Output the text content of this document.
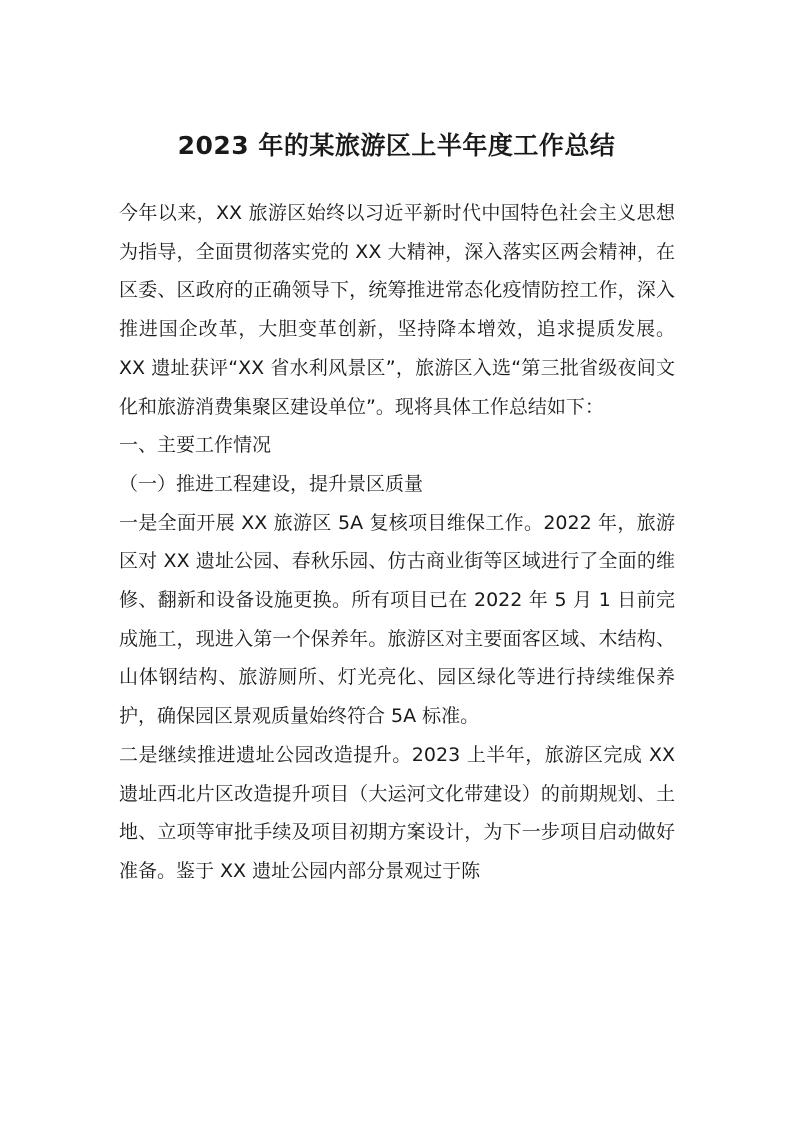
2023 年的某旅游区上半年度工作总结

今年以来，XX 旅游区始终以习近平新时代中国特色社会主义思想为指导，全面贯彻落实党的 XX 大精神，深入落实区两会精神，在区委、区政府的正确领导下，统筹推进常态化疫情防控工作，深入推进国企改革，大胆变革创新，坚持降本增效，追求提质发展。XX 遗址获评“XX 省水利风景区”，旅游区入选“第三批省级夜间文化和旅游消费集聚区建设单位”。现将具体工作总结如下：

一、主要工作情况

（一）推进工程建设，提升景区质量

一是全面开展 XX 旅游区 5A 复核项目维保工作。2022 年，旅游区对 XX 遗址公园、春秋乐园、仿古商业街等区域进行了全面的维修、翻新和设备设施更换。所有项目已在 2022 年 5 月 1 日前完成施工，现进入第一个保养年。旅游区对主要面客区域、木结构、山体钢结构、旅游厕所、灯光亮化、园区绿化等进行持续维保养护，确保园区景观质量始终符合 5A 标准。

二是继续推进遗址公园改造提升。2023 上半年，旅游区完成 XX 遗址西北片区改造提升项目（大运河文化带建设）的前期规划、土地、立项等审批手续及项目初期方案设计，为下一步项目启动做好准备。鉴于 XX 遗址公园内部分景观过于陈
